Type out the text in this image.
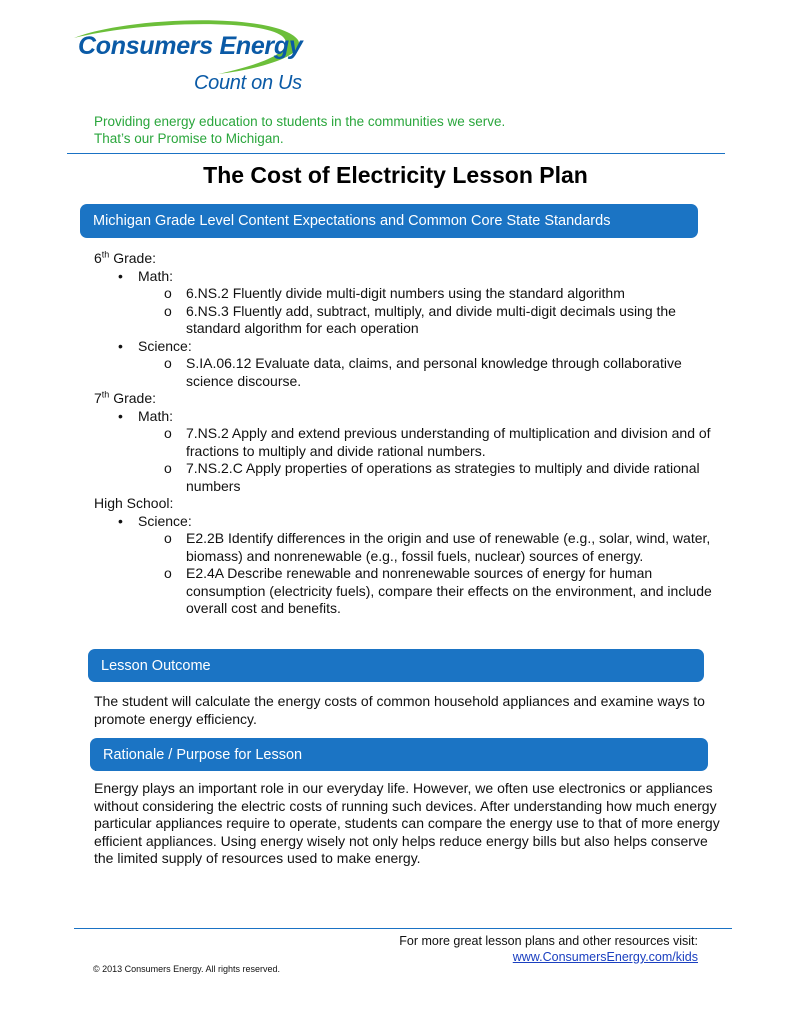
Consumers Energy
Count on Us
Providing energy education to students in the communities we serve.
That’s our Promise to Michigan.
The Cost of Electricity Lesson Plan
Michigan Grade Level Content Expectations and Common Core State Standards
6th Grade:
•	Math :
o	6.NS.2 Fluently divide multi-digit numbers using the standard algorithm
o	6.NS.3 Fluently add, subtract, multiply, and divide multi-digit decimals using the standard algorithm for each operation
•	Science :
o	S.IA.06.12 Evaluate data, claims, and personal knowledge through collaborative science discourse.
7th Grade:
•	Math :
o	7.NS.2 Apply and extend previous understanding of multiplication and division and of fractions to multiply and divide rational numbers.
o	7.NS.2.C Apply properties of operations as strategies to multiply and divide rational numbers
High School:
•	Science :
o	E2.2B Identify differences in the origin and use of renewable (e.g., solar, wind, water, biomass) and nonrenewable (e.g., fossil fuels, nuclear) sources of energy.
o	E2.4A Describe renewable and nonrenewable sources of energy for human consumption (electricity fuels), compare their effects on the environment, and include overall cost and benefits.
Lesson Outcome

The student will calculate the energy costs of common household appliances and examine ways to promote energy efficiency.

Rationale / Purpose for Lesson

Energy plays an important role in our everyday life. However, we often use electronics or appliances without considering the electric costs of running such devices. After understanding how much energy particular appliances require to operate, students can compare the energy use to that of more energy efficient appliances. Using energy wisely not only helps reduce energy bills but also helps conserve the limited supply of resources used to make energy.

For more great lesson plans and other resources visit:
www.ConsumersEnergy.com/kids
© 2013 Consumers Energy. All rights reserved.
